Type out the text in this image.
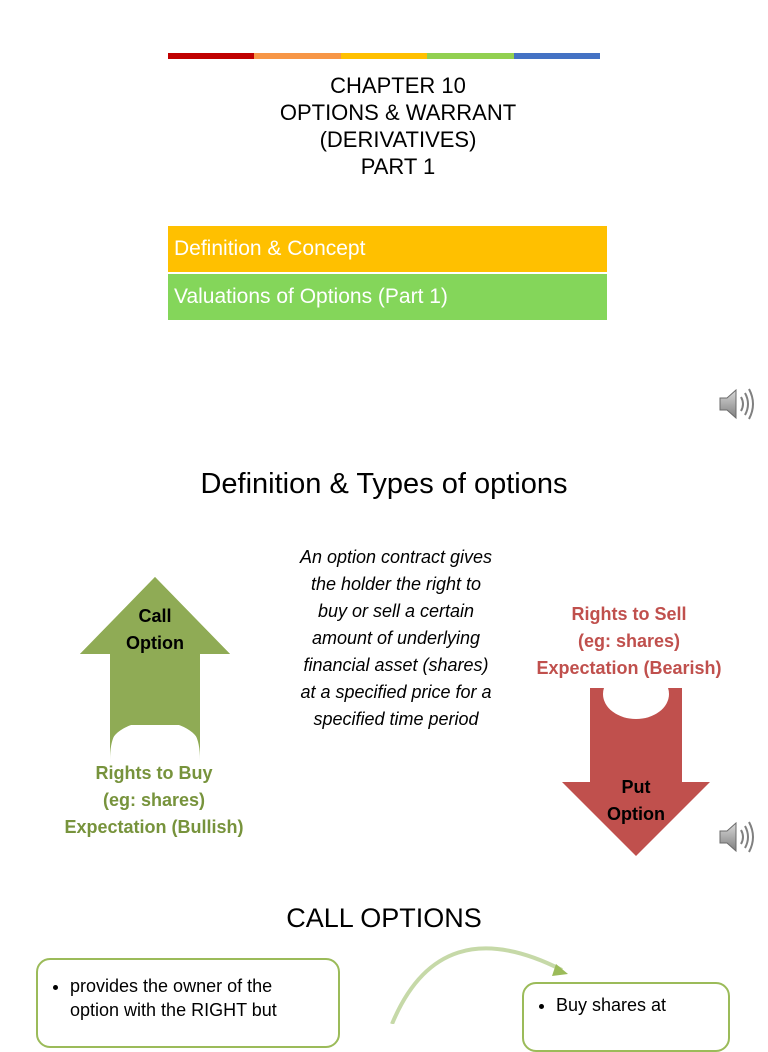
CHAPTER 10
OPTIONS & WARRANT
(DERIVATIVES)
PART 1
Definition & Concept
Valuations of Options (Part 1)
Definition & Types of options
An option contract gives
the holder the right to
buy or sell a certain
amount of underlying
financial asset (shares)
at a specified price for a
specified time period
Call
Option
Rights to Buy
(eg: shares)
Expectation (Bullish)
Rights to Sell
(eg: shares)
Expectation (Bearish)
Put
Option
CALL OPTIONS
• provides the owner of the
option with the RIGHT but
•	Buy shares at
